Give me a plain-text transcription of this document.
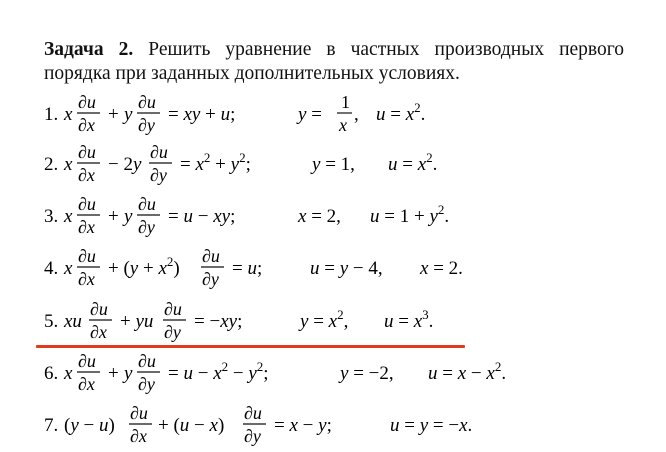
Задача 2. Решить уравнение в частных производных первого порядка при заданных дополнительных условиях.
1. x
∂u
∂x + y
∂u
∂y = xy + u;	y =
1
x , $u = x^2$.
2. x
∂u
∂x − 2y
∂u
$\partial y = x^2 + y^2$;	y = 1, $u = x^2$.
3. x
∂u
∂x + y
∂u
∂y = u − xy;	x = 2, $u = 1 + y^2$.
4. x
∂u
$\partial x + (y + x^2)$
∂u
∂y = u;	u = y − 4, x = 2.
5. xu
∂u
∂x + yu
∂u
∂y = −xy;	$y = x^2$, $u = x^3$.
6. x
∂u
∂x + y
∂u
$\partial y = u - x^2 - y^2$;	y = −2, $u = x - x^2$.
7. (y − u)
∂u
∂x + (u − x)
∂u
∂y = x − y;	u = y = −x.
